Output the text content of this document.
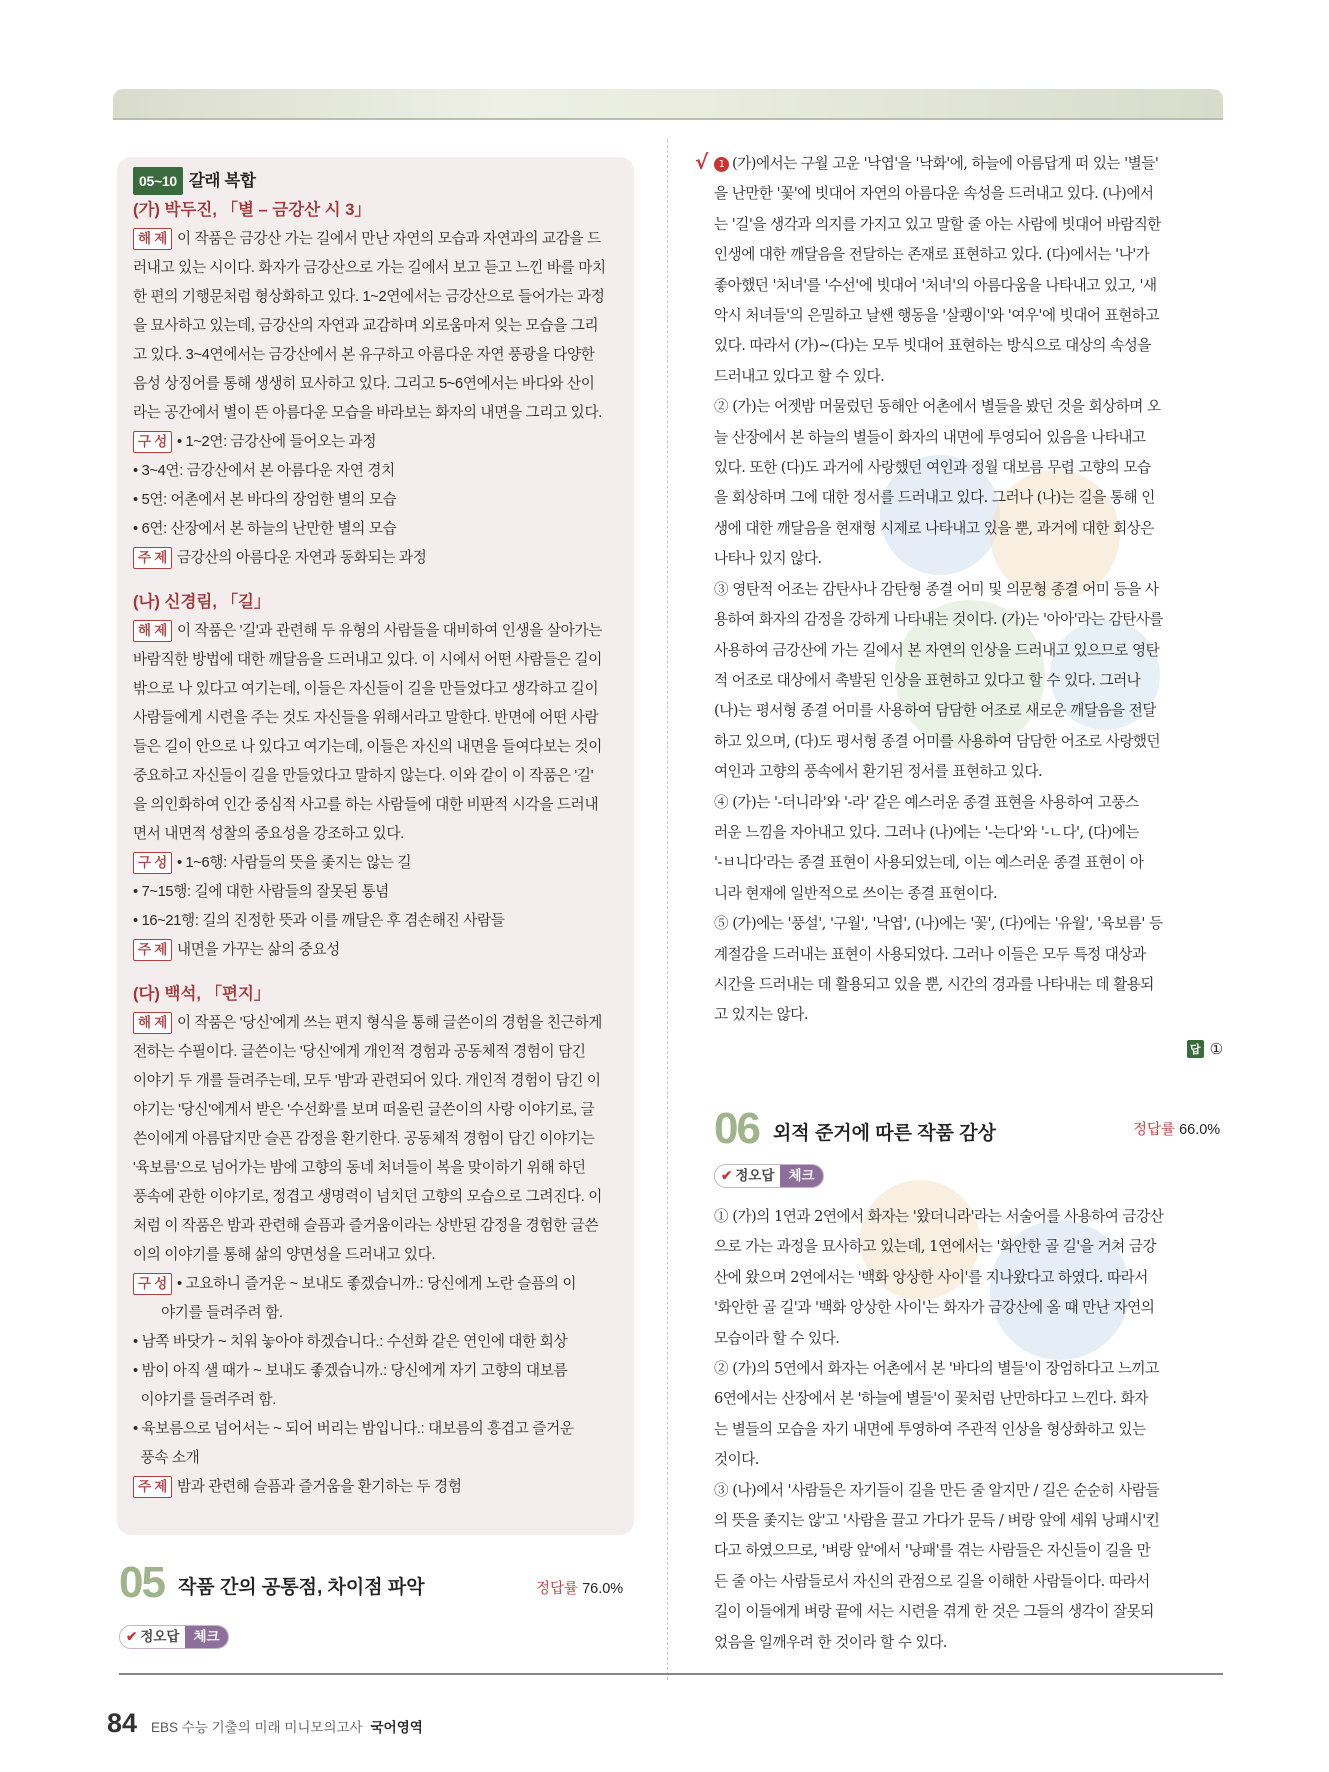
05~10 갈래 복합
(가) 박두진, 「별 – 금강산 시 3」
해 제 이 작품은 금강산 가는 길에서 만난 자연의 모습과 자연과의 교감을 드
러내고 있는 시이다. 화자가 금강산으로 가는 길에서 보고 듣고 느낀 바를 마치
한 편의 기행문처럼 형상화하고 있다. 1~2연에서는 금강산으로 들어가는 과정
을 묘사하고 있는데, 금강산의 자연과 교감하며 외로움마저 잊는 모습을 그리
고 있다. 3~4연에서는 금강산에서 본 유구하고 아름다운 자연 풍광을 다양한
음성 상징어를 통해 생생히 묘사하고 있다. 그리고 5~6연에서는 바다와 산이
라는 공간에서 별이 뜬 아름다운 모습을 바라보는 화자의 내면을 그리고 있다.
구 성 • 1~2연: 금강산에 들어오는 과정
• 3~4연: 금강산에서 본 아름다운 자연 경치
• 5연: 어촌에서 본 바다의 장엄한 별의 모습
• 6연: 산장에서 본 하늘의 난만한 별의 모습
주 제 금강산의 아름다운 자연과 동화되는 과정
(나) 신경림, 「길」
해 제 이 작품은 '길'과 관련해 두 유형의 사람들을 대비하여 인생을 살아가는
바람직한 방법에 대한 깨달음을 드러내고 있다. 이 시에서 어떤 사람들은 길이
밖으로 나 있다고 여기는데, 이들은 자신들이 길을 만들었다고 생각하고 길이
사람들에게 시련을 주는 것도 자신들을 위해서라고 말한다. 반면에 어떤 사람
들은 길이 안으로 나 있다고 여기는데, 이들은 자신의 내면을 들여다보는 것이
중요하고 자신들이 길을 만들었다고 말하지 않는다. 이와 같이 이 작품은 '길'
을 의인화하여 인간 중심적 사고를 하는 사람들에 대한 비판적 시각을 드러내
면서 내면적 성찰의 중요성을 강조하고 있다.
구 성 • 1~6행: 사람들의 뜻을 좇지는 않는 길
• 7~15행: 길에 대한 사람들의 잘못된 통념
• 16~21행: 길의 진정한 뜻과 이를 깨달은 후 겸손해진 사람들
주 제 내면을 가꾸는 삶의 중요성
(다) 백석, 「편지」
해 제 이 작품은 '당신'에게 쓰는 편지 형식을 통해 글쓴이의 경험을 친근하게
전하는 수필이다. 글쓴이는 '당신'에게 개인적 경험과 공동체적 경험이 담긴
이야기 두 개를 들려주는데, 모두 '밤'과 관련되어 있다. 개인적 경험이 담긴 이
야기는 '당신'에게서 받은 '수선화'를 보며 떠올린 글쓴이의 사랑 이야기로, 글
쓴이에게 아름답지만 슬픈 감정을 환기한다. 공동체적 경험이 담긴 이야기는
'육보름'으로 넘어가는 밤에 고향의 동네 처녀들이 복을 맞이하기 위해 하던
풍속에 관한 이야기로, 정겹고 생명력이 넘치던 고향의 모습으로 그려진다. 이
처럼 이 작품은 밤과 관련해 슬픔과 즐거움이라는 상반된 감정을 경험한 글쓴
이의 이야기를 통해 삶의 양면성을 드러내고 있다.
구 성 • 고요하니 즐거운 ~ 보내도 좋겠습니까.: 당신에게 노란 슬픔의 이
야기를 들려주려 함.
• 남쪽 바닷가 ~ 치워 놓아야 하겠습니다.: 수선화 같은 연인에 대한 회상
• 밤이 아직 샐 때가 ~ 보내도 좋겠습니까.: 당신에게 자기 고향의 대보름
이야기를 들려주려 함.
• 육보름으로 넘어서는 ~ 되어 버리는 밤입니다.: 대보름의 흥겹고 즐거운
풍속 소개
주 제 밤과 관련해 슬픔과 즐거움을 환기하는 두 경험
05 작품 간의 공통점, 차이점 파악	정답률 76.0%
✔ 정오답	체크
√	1 (가)에서는 구월 고운 '낙엽'을 '낙화'에, 하늘에 아름답게 떠 있는 '별들'
을 난만한 '꽃'에 빗대어 자연의 아름다운 속성을 드러내고 있다. (나)에서
는 '길'을 생각과 의지를 가지고 있고 말할 줄 아는 사람에 빗대어 바람직한
인생에 대한 깨달음을 전달하는 존재로 표현하고 있다. (다)에서는 '나'가
좋아했던 '처녀'를 '수선'에 빗대어 '처녀'의 아름다움을 나타내고 있고, '새
악시 처녀들'의 은밀하고 날쌘 행동을 '살쾡이'와 '여우'에 빗대어 표현하고
있다. 따라서 (가)~(다)는 모두 빗대어 표현하는 방식으로 대상의 속성을
드러내고 있다고 할 수 있다.
② (가)는 어젯밤 머물렀던 동해안 어촌에서 별들을 봤던 것을 회상하며 오
늘 산장에서 본 하늘의 별들이 화자의 내면에 투영되어 있음을 나타내고
있다. 또한 (다)도 과거에 사랑했던 여인과 정월 대보름 무렵 고향의 모습
을 회상하며 그에 대한 정서를 드러내고 있다. 그러나 (나)는 길을 통해 인
생에 대한 깨달음을 현재형 시제로 나타내고 있을 뿐, 과거에 대한 회상은
나타나 있지 않다.
③ 영탄적 어조는 감탄사나 감탄형 종결 어미 및 의문형 종결 어미 등을 사
용하여 화자의 감정을 강하게 나타내는 것이다. (가)는 '아아'라는 감탄사를
사용하여 금강산에 가는 길에서 본 자연의 인상을 드러내고 있으므로 영탄
적 어조로 대상에서 촉발된 인상을 표현하고 있다고 할 수 있다. 그러나
(나)는 평서형 종결 어미를 사용하여 담담한 어조로 새로운 깨달음을 전달
하고 있으며, (다)도 평서형 종결 어미를 사용하여 담담한 어조로 사랑했던
여인과 고향의 풍속에서 환기된 정서를 표현하고 있다.
④ (가)는 '-더니라'와 '-라' 같은 예스러운 종결 표현을 사용하여 고풍스
러운 느낌을 자아내고 있다. 그러나 (나)에는 '-는다'와 '-ㄴ다', (다)에는
'-ㅂ니다'라는 종결 표현이 사용되었는데, 이는 예스러운 종결 표현이 아
니라 현재에 일반적으로 쓰이는 종결 표현이다.
⑤ (가)에는 '풍설', '구월', '낙엽', (나)에는 '꽃', (다)에는 '유월', '육보름' 등
계절감을 드러내는 표현이 사용되었다. 그러나 이들은 모두 특정 대상과
시간을 드러내는 데 활용되고 있을 뿐, 시간의 경과를 나타내는 데 활용되
고 있지는 않다.
답 ①
06 외적 준거에 따른 작품 감상	정답률 66.0%
✔ 정오답	체크
① (가)의 1연과 2연에서 화자는 '왔더니라'라는 서술어를 사용하여 금강산
으로 가는 과정을 묘사하고 있는데, 1연에서는 '화안한 골 길'을 거쳐 금강
산에 왔으며 2연에서는 '백화 앙상한 사이'를 지나왔다고 하였다. 따라서
'화안한 골 길'과 '백화 앙상한 사이'는 화자가 금강산에 올 때 만난 자연의
모습이라 할 수 있다.
② (가)의 5연에서 화자는 어촌에서 본 '바다의 별들'이 장엄하다고 느끼고
6연에서는 산장에서 본 '하늘에 별들'이 꽃처럼 난만하다고 느낀다. 화자
는 별들의 모습을 자기 내면에 투영하여 주관적 인상을 형상화하고 있는
것이다.
③ (나)에서 '사람들은 자기들이 길을 만든 줄 알지만 / 길은 순순히 사람들
의 뜻을 좇지는 않'고 '사람을 끌고 가다가 문득 / 벼랑 앞에 세워 낭패시'킨
다고 하였으므로, '벼랑 앞'에서 '낭패'를 겪는 사람들은 자신들이 길을 만
든 줄 아는 사람들로서 자신의 관점으로 길을 이해한 사람들이다. 따라서
길이 이들에게 벼랑 끝에 서는 시련을 겪게 한 것은 그들의 생각이 잘못되
었음을 일깨우려 한 것이라 할 수 있다.
84 EBS 수능 기출의 미래 미니모의고사 국어영역
